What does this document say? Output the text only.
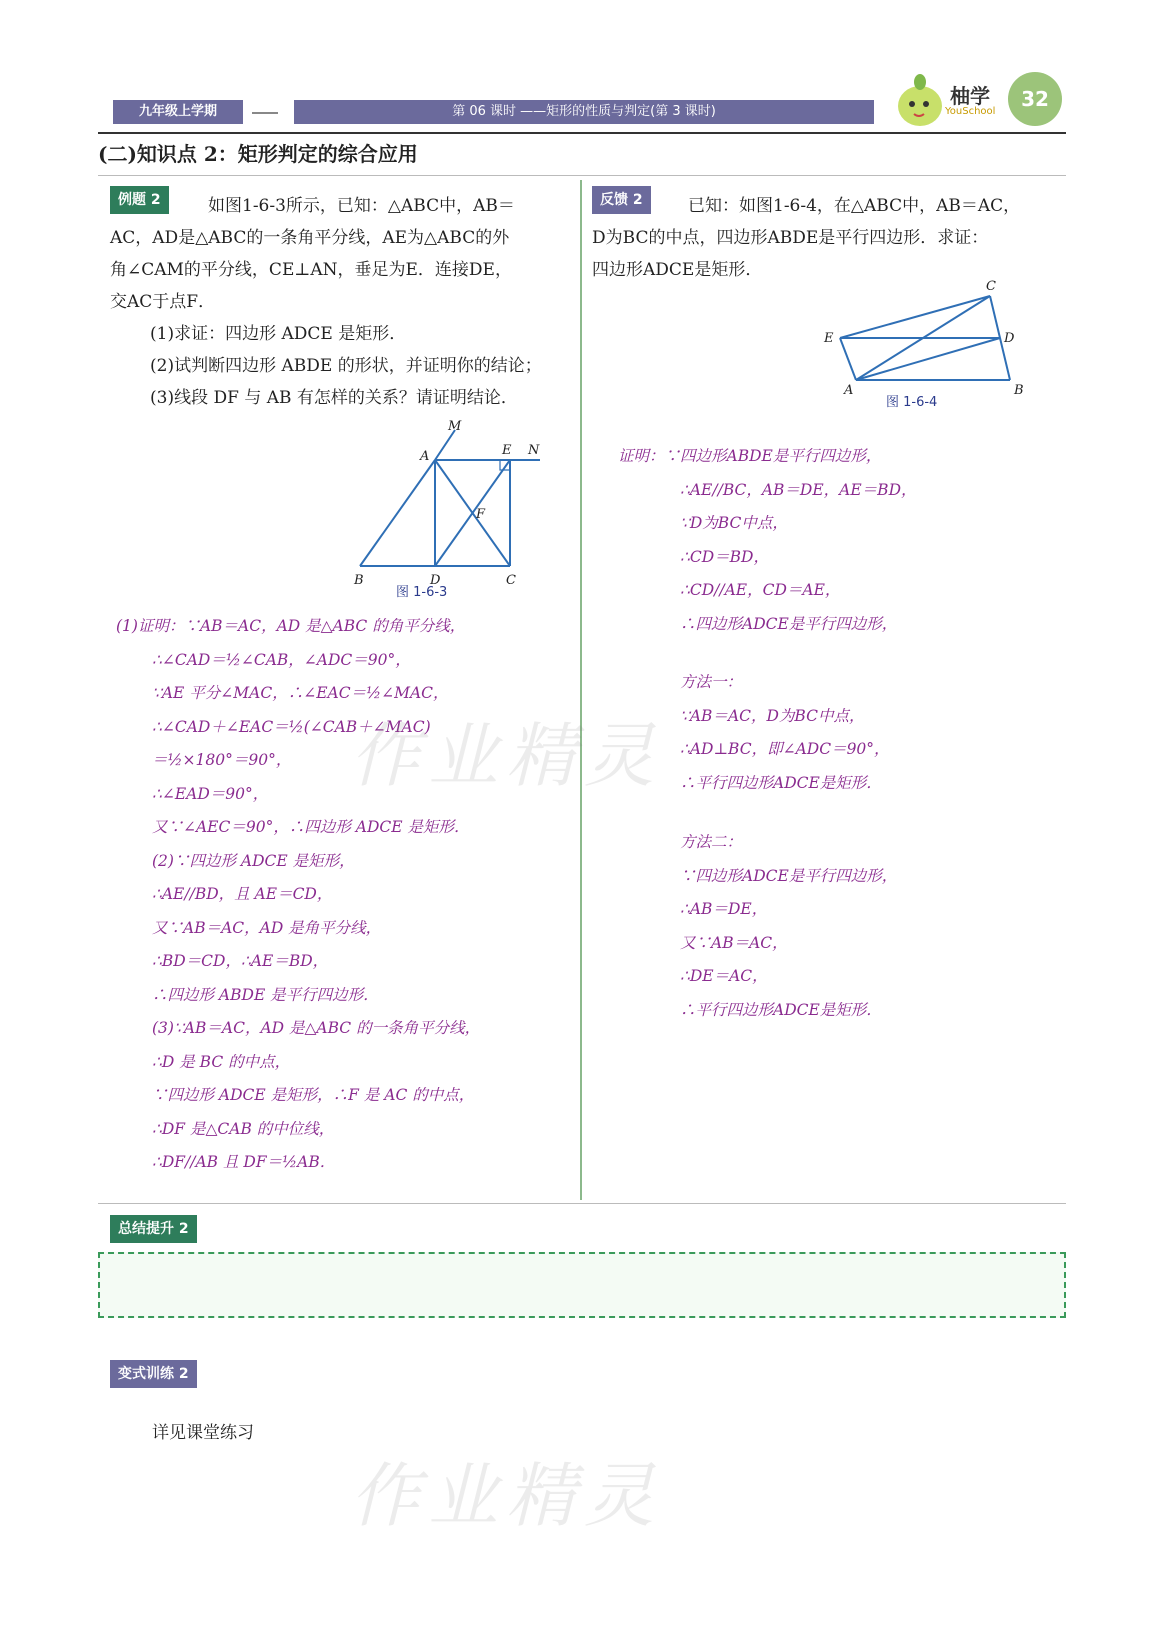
九年级上学期	第 06 课时 ——矩形的性质与判定(第 3 课时)
柚学
YouSchool
32
(二)知识点 2：矩形判定的综合应用
例题 2	如图1-6-3所示，已知：△ABC中，AB＝
AC，AD是△ABC的一条角平分线，AE为△ABC的外
角∠CAM的平分线，CE⊥AN，垂足为E．连接DE，
交AC于点F．
(1)求证：四边形 ADCE 是矩形．
(2)试判断四边形 ABDE 的形状，并证明你的结论；
(3)线段 DF 与 AB 有怎样的关系？请证明结论．
M
A	E N
F
B	D	C
图 1-6-3
(1)证明：∵AB＝AC，AD 是△ABC 的角平分线，
∴∠CAD＝½∠CAB，∠ADC＝90°，
∵AE 平分∠MAC，∴∠EAC＝½∠MAC，
∴∠CAD＋∠EAC＝½(∠CAB＋∠MAC)
＝½×180°＝90°，
∴∠EAD＝90°，
又∵∠AEC＝90°，∴四边形 ADCE 是矩形．
(2)∵四边形 ADCE 是矩形，
∴AE//BD，且 AE＝CD，
又∵AB＝AC，AD 是角平分线，
∴BD＝CD，∴AE＝BD，
∴四边形 ABDE 是平行四边形．
(3)∵AB＝AC，AD 是△ABC 的一条角平分线，
∴D 是 BC 的中点，
∵四边形 ADCE 是矩形，∴F 是 AC 的中点，
∴DF 是△CAB 的中位线，
∴DF//AB 且 DF＝½AB．
反馈 2	已知：如图1-6-4，在△ABC中，AB＝AC，
D为BC的中点，四边形ABDE是平行四边形．求证：
四边形ADCE是矩形．
C
E	D
A	B
图 1-6-4
证明：∵四边形ABDE是平行四边形，
∴AE//BC，AB＝DE，AE＝BD，
∵D为BC中点，
∴CD＝BD，
∴CD//AE，CD＝AE，
∴四边形ADCE是平行四边形，
方法一：
∵AB＝AC，D为BC中点，
∴AD⊥BC，即∠ADC＝90°，
∴平行四边形ADCE是矩形．
方法二：
∵四边形ADCE是平行四边形，
∴AB＝DE，
又∵AB＝AC，
∴DE＝AC，
∴平行四边形ADCE是矩形．
作业精灵
作业精灵
总结提升 2
变式训练 2
详见课堂练习
